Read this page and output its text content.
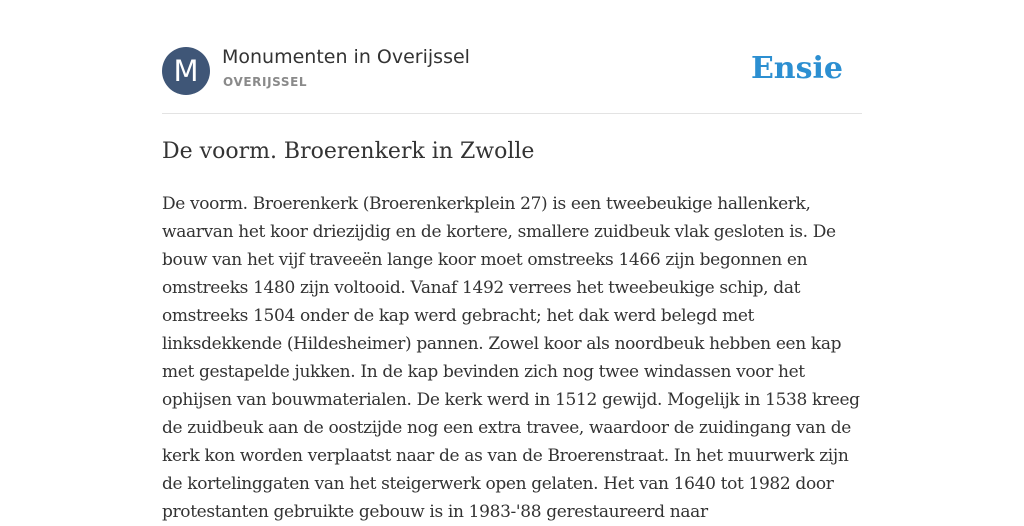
M	Monumenten in Overijssel
OVERIJSSEL	Ensie
De voorm. Broerenkerk in Zwolle

De voorm. Broerenkerk (Broerenkerkplein 27) is een tweebeukige hallenkerk, waarvan het koor driezijdig en de kortere, smallere zuidbeuk vlak gesloten is. De bouw van het vijf traveeën lange koor moet omstreeks 1466 zijn begonnen en omstreeks 1480 zijn voltooid. Vanaf 1492 verrees het tweebeukige schip, dat omstreeks 1504 onder de kap werd gebracht; het dak werd belegd met linksdekkende (Hildesheimer) pannen. Zowel koor als noordbeuk hebben een kap met gestapelde jukken. In de kap bevinden zich nog twee windassen voor het ophijsen van bouwmaterialen. De kerk werd in 1512 gewijd. Mogelijk in 1538 kreeg de zuidbeuk aan de oostzijde nog een extra travee, waardoor de zuidingang van de kerk kon worden verplaatst naar de as van de Broerenstraat. In het muurwerk zijn de kortelinggaten van het steigerwerk open gelaten. Het van 1640 tot 1982 door protestanten gebruikte gebouw is in 1983-'88 gerestaureerd naar
